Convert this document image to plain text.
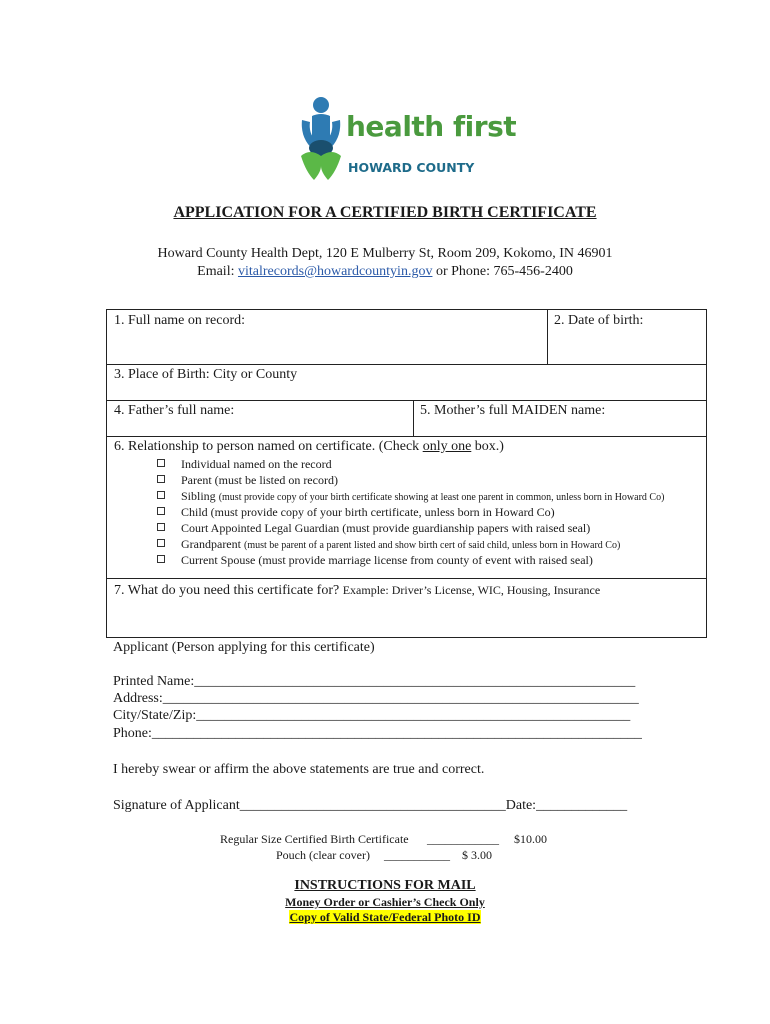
health first
HOWARD COUNTY
APPLICATION FOR A CERTIFIED BIRTH CERTIFICATE
Howard County Health Dept, 120 E Mulberry St, Room 209, Kokomo, IN 46901
Email: vitalrecords@howardcountyin.gov or Phone: 765-456-2400
1. Full name on record:	2. Date of birth:
3. Place of Birth: City or County
4. Father’s full name:	5. Mother’s full MAIDEN name:
6. Relationship to person named on certificate. (Check only one box.)
Individual named on the record
Parent (must be listed on record)
Sibling (must provide copy of your birth certificate showing at least one parent in common, unless born in Howard Co)
Child (must provide copy of your birth certificate, unless born in Howard Co)
Court Appointed Legal Guardian (must provide guardianship papers with raised seal)
Grandparent (must be parent of a parent listed and show birth cert of said child, unless born in Howard Co)
Current Spouse (must provide marriage license from county of event with raised seal)
7. What do you need this certificate for? Example: Driver’s License, WIC, Housing, Insurance
Applicant (Person applying for this certificate)
Printed Name:_______________________________________________________________
Address:____________________________________________________________________
City/State/Zip:______________________________________________________________
Phone:______________________________________________________________________
I hereby swear or affirm the above statements are true and correct.
Signature of Applicant______________________________________Date:_____________
Regular Size Certified Birth Certificate ____________ $10.00
Pouch (clear cover) ___________ $ 3.00
INSTRUCTIONS FOR MAIL
Money Order or Cashier’s Check Only
Copy of Valid State/Federal Photo ID
